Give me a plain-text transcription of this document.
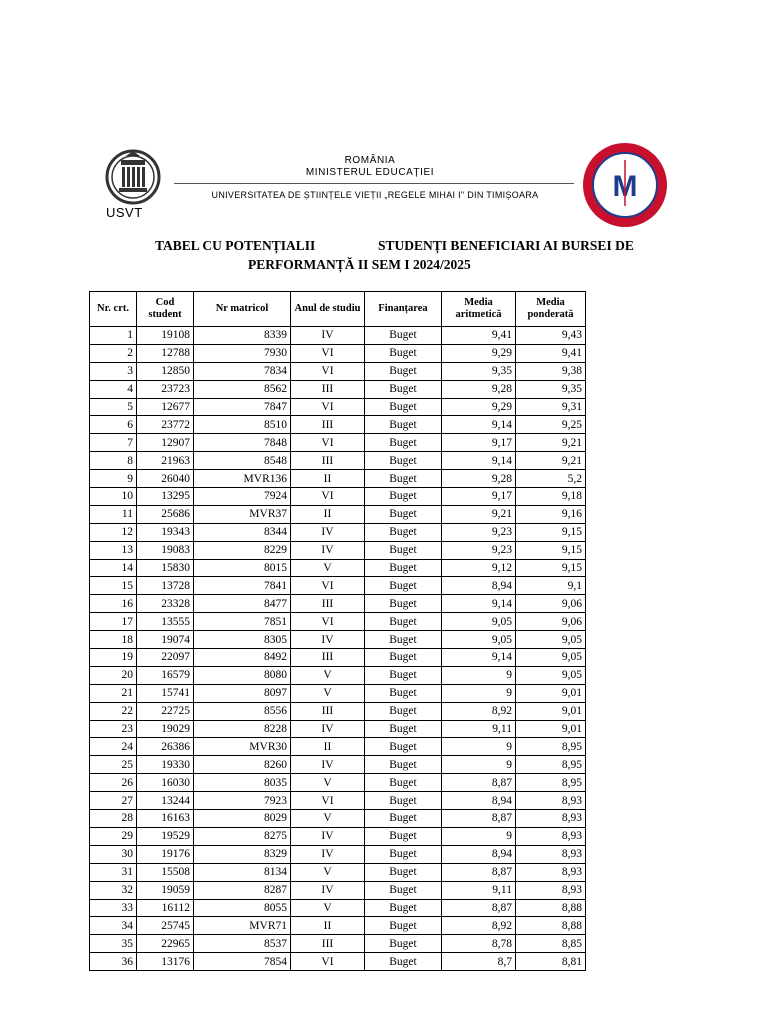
USVT
ROMÂNIA
MINISTERUL EDUCAȚIEI
UNIVERSITATEA DE ȘTIINȚELE VIEȚII „REGELE MIHAI I" DIN TIMIȘOARA	M
TABEL CU POTENȚIALII	STUDENȚI BENEFICIARI AI BURSEI DE
PERFORMANȚĂ II SEM I 2024/2025
Nr. crt.	Cod student	Nr matricol	Anul de studiu	Finanțarea	Media aritmetică	Media ponderată
1	19108	8339	IV	Buget	9,41	9,43
2	12788	7930	VI	Buget	9,29	9,41
3	12850	7834	VI	Buget	9,35	9,38
4	23723	8562	III	Buget	9,28	9,35
5	12677	7847	VI	Buget	9,29	9,31
6	23772	8510	III	Buget	9,14	9,25
7	12907	7848	VI	Buget	9,17	9,21
8	21963	8548	III	Buget	9,14	9,21
9	26040	MVR136	II	Buget	9,28	5,2
10	13295	7924	VI	Buget	9,17	9,18
11	25686	MVR37	II	Buget	9,21	9,16
12	19343	8344	IV	Buget	9,23	9,15
13	19083	8229	IV	Buget	9,23	9,15
14	15830	8015	V	Buget	9,12	9,15
15	13728	7841	VI	Buget	8,94	9,1
16	23328	8477	III	Buget	9,14	9,06
17	13555	7851	VI	Buget	9,05	9,06
18	19074	8305	IV	Buget	9,05	9,05
19	22097	8492	III	Buget	9,14	9,05
20	16579	8080	V	Buget	9	9,05
21	15741	8097	V	Buget	9	9,01
22	22725	8556	III	Buget	8,92	9,01
23	19029	8228	IV	Buget	9,11	9,01
24	26386	MVR30	II	Buget	9	8,95
25	19330	8260	IV	Buget	9	8,95
26	16030	8035	V	Buget	8,87	8,95
27	13244	7923	VI	Buget	8,94	8,93
28	16163	8029	V	Buget	8,87	8,93
29	19529	8275	IV	Buget	9	8,93
30	19176	8329	IV	Buget	8,94	8,93
31	15508	8134	V	Buget	8,87	8,93
32	19059	8287	IV	Buget	9,11	8,93
33	16112	8055	V	Buget	8,87	8,88
34	25745	MVR71	II	Buget	8,92	8,88
35	22965	8537	III	Buget	8,78	8,85
36	13176	7854	VI	Buget	8,7	8,81
